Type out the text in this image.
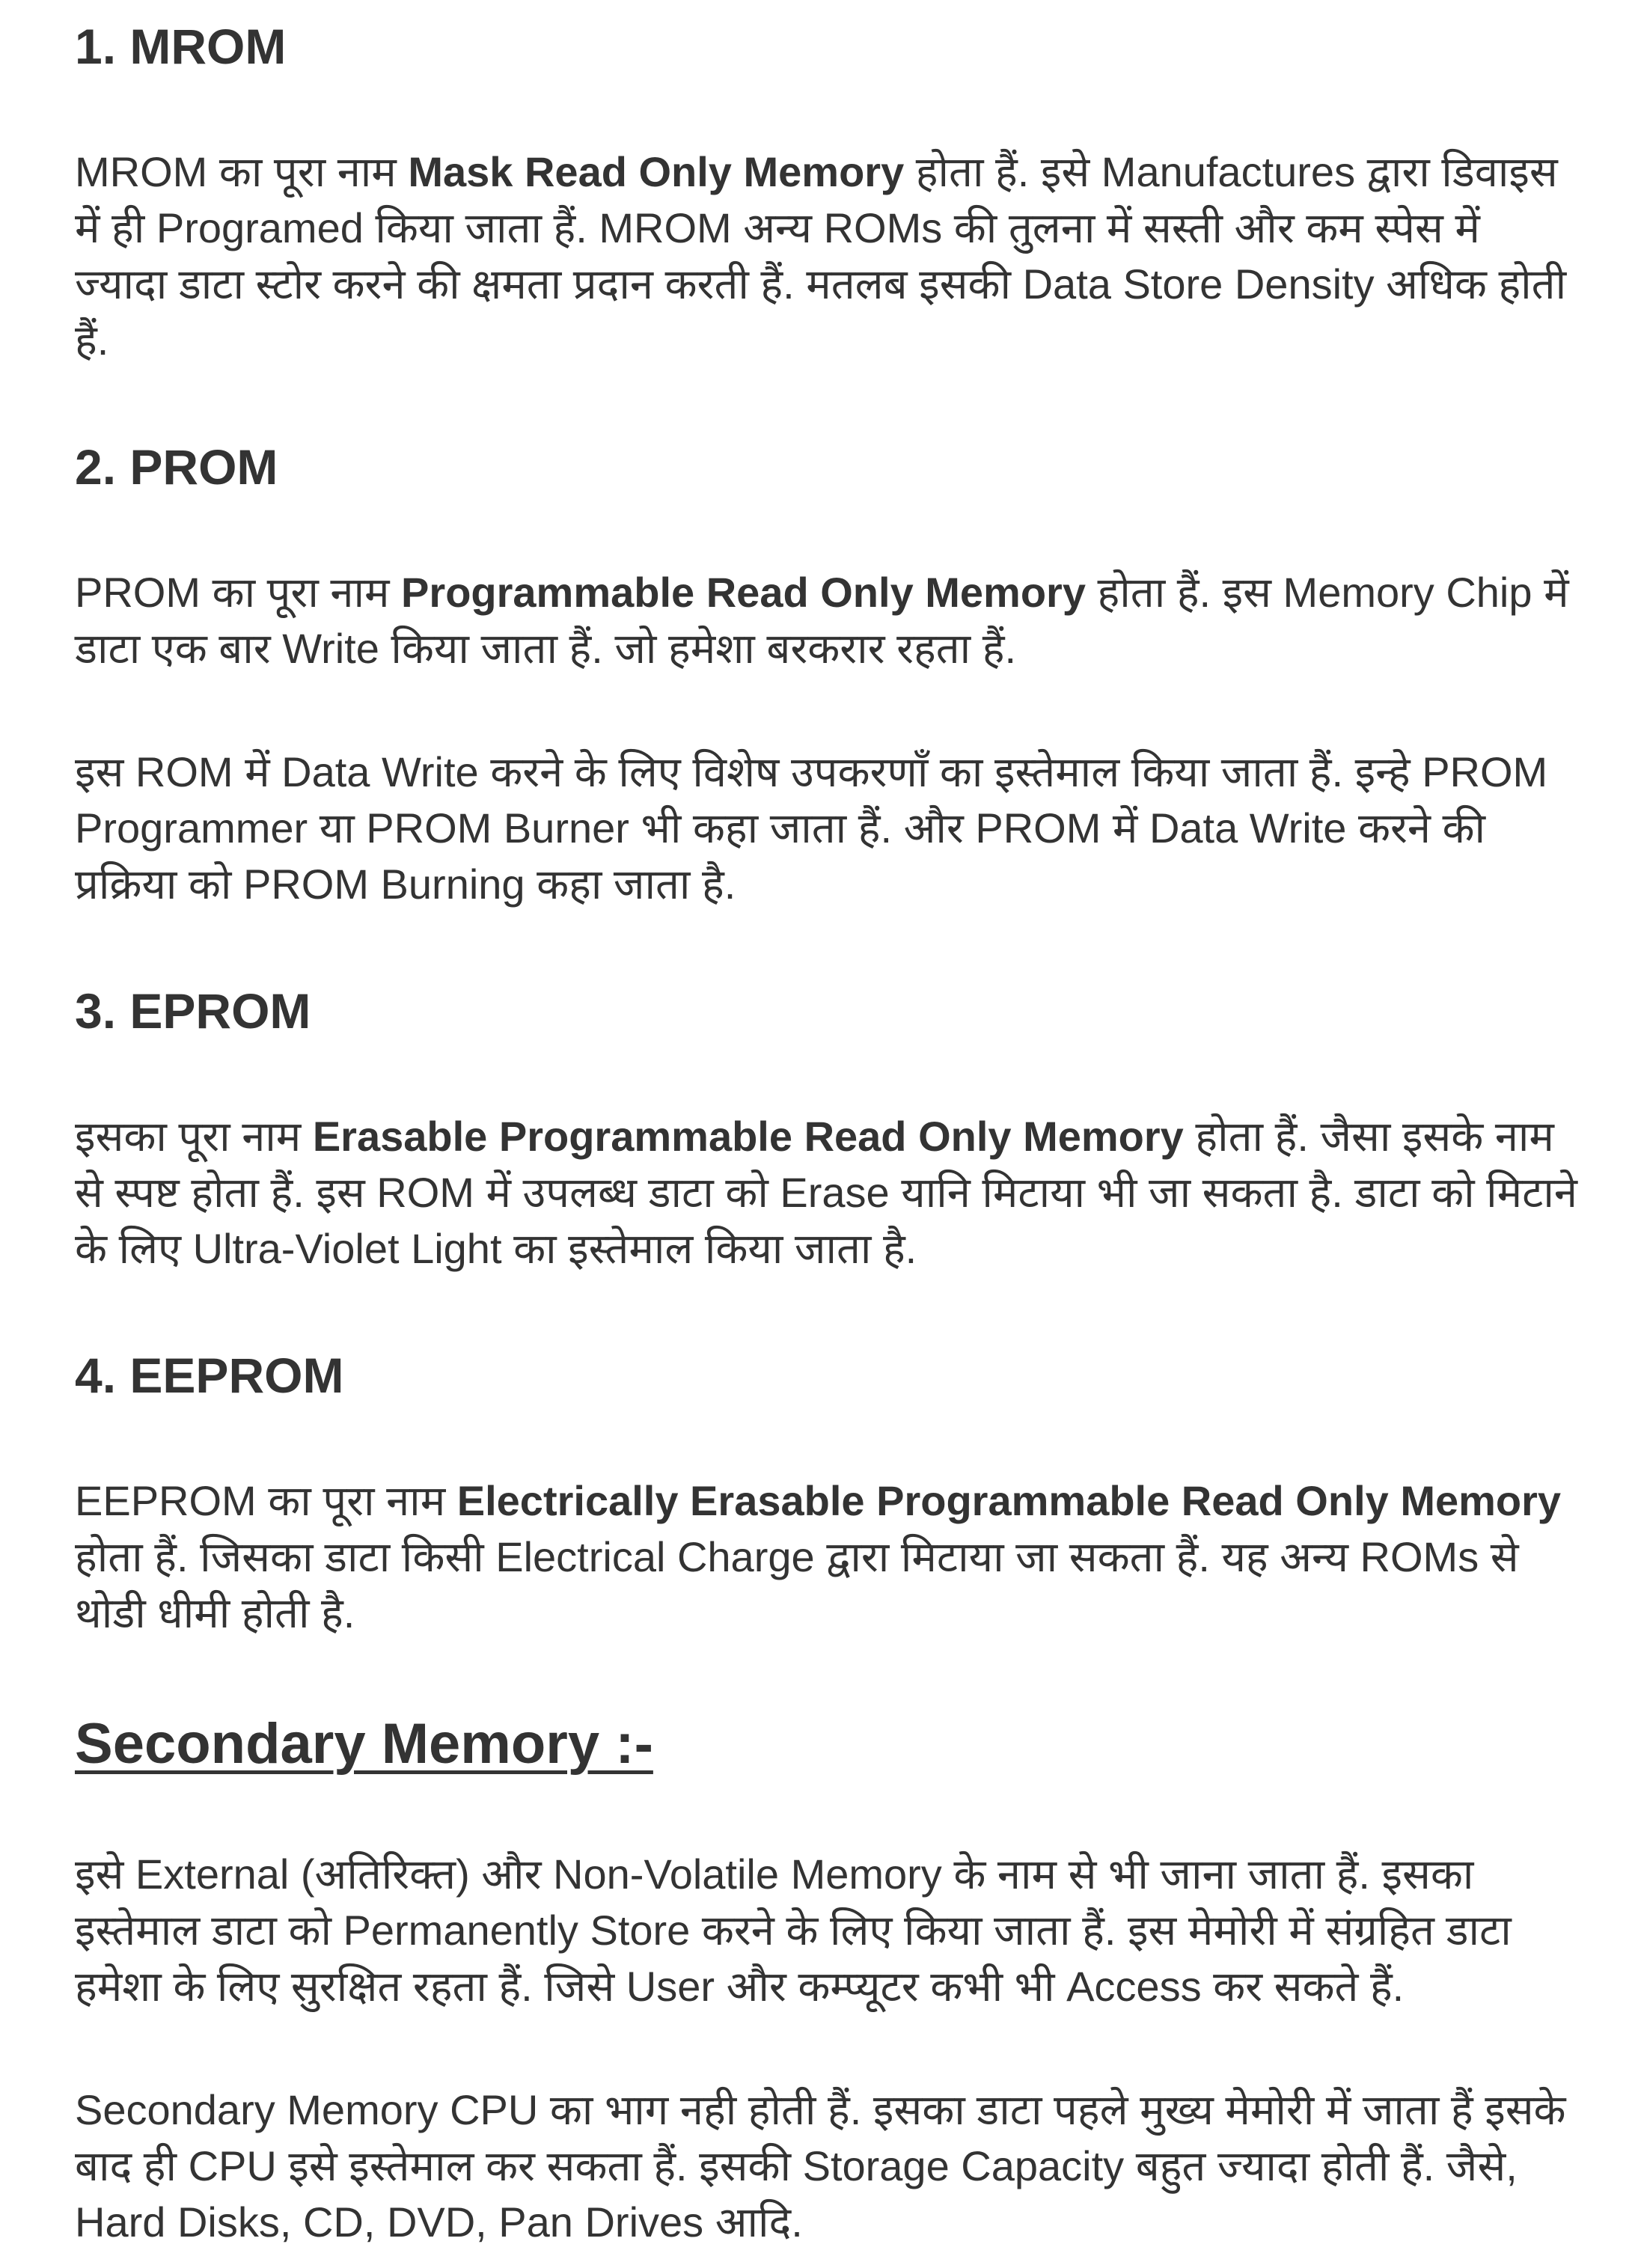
1. MROM

MROM का पूरा नाम Mask Read Only Memory होता हैं. इसे Manufactures द्वारा डिवाइस में ही Programed किया जाता हैं. MROM अन्य ROMs की तुलना में सस्ती और कम स्पेस में ज्यादा डाटा स्टोर करने की क्षमता प्रदान करती हैं. मतलब इसकी Data Store Density अधिक होती हैं.

2. PROM

PROM का पूरा नाम Programmable Read Only Memory होता हैं. इस Memory Chip में डाटा एक बार Write किया जाता हैं. जो हमेशा बरकरार रहता हैं.

इस ROM में Data Write करने के लिए विशेष उपकरणाँ का इस्तेमाल किया जाता हैं. इन्हे PROM Programmer या PROM Burner भी कहा जाता हैं. और PROM में Data Write करने की प्रक्रिया को PROM Burning कहा जाता है.

3. EPROM

इसका पूरा नाम Erasable Programmable Read Only Memory होता हैं. जैसा इसके नाम से स्पष्ट होता हैं. इस ROM में उपलब्ध डाटा को Erase यानि मिटाया भी जा सकता है. डाटा को मिटाने के लिए Ultra-Violet Light का इस्तेमाल किया जाता है.

4. EEPROM

EEPROM का पूरा नाम Electrically Erasable Programmable Read Only Memory होता हैं. जिसका डाटा किसी Electrical Charge द्वारा मिटाया जा सकता हैं. यह अन्य ROMs से थोडी धीमी होती है.

Secondary Memory :-

इसे External (अतिरिक्त) और Non-Volatile Memory के नाम से भी जाना जाता हैं. इसका इस्तेमाल डाटा को Permanently Store करने के लिए किया जाता हैं. इस मेमोरी में संग्रहित डाटा हमेशा के लिए सुरक्षित रहता हैं. जिसे User और कम्प्यूटर कभी भी Access कर सकते हैं.

Secondary Memory CPU का भाग नही होती हैं. इसका डाटा पहले मुख्य मेमोरी में जाता हैं इसके बाद ही CPU इसे इस्तेमाल कर सकता हैं. इसकी Storage Capacity बहुत ज्यादा होती हैं. जैसे, Hard Disks, CD, DVD, Pan Drives आदि.
